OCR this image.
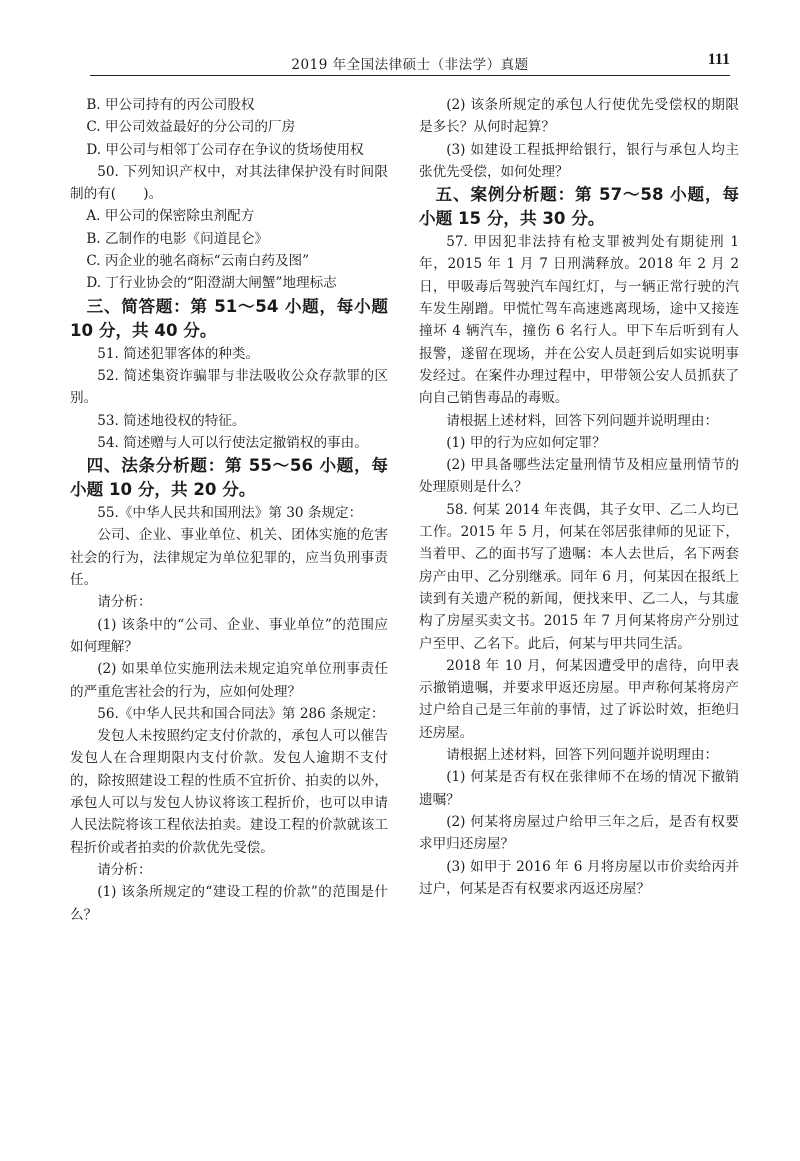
2019 年全国法律硕士（非法学）真题	111

B. 甲公司持有的丙公司股权

C. 甲公司效益最好的分公司的厂房

D. 甲公司与相邻丁公司存在争议的货场使用权

50. 下列知识产权中，对其法律保护没有时间限制的有(　　)。

A. 甲公司的保密除虫剂配方

B. 乙制作的电影《问道昆仑》

C. 丙企业的驰名商标“云南白药及图”

D. 丁行业协会的“阳澄湖大闸蟹”地理标志

三、简答题：第 51～54 小题，每小题 10 分，共 40 分。

51. 简述犯罪客体的种类。

52. 简述集资诈骗罪与非法吸收公众存款罪的区别。

53. 简述地役权的特征。

54. 简述赠与人可以行使法定撤销权的事由。

四、法条分析题：第 55～56 小题，每小题 10 分，共 20 分。

55.《中华人民共和国刑法》第 30 条规定：

公司、企业、事业单位、机关、团体实施的危害社会的行为，法律规定为单位犯罪的，应当负刑事责任。

请分析：

(1) 该条中的“公司、企业、事业单位”的范围应如何理解？

(2) 如果单位实施刑法未规定追究单位刑事责任的严重危害社会的行为，应如何处理？

56.《中华人民共和国合同法》第 286 条规定：

发包人未按照约定支付价款的，承包人可以催告发包人在合理期限内支付价款。发包人逾期不支付的，除按照建设工程的性质不宜折价、拍卖的以外，承包人可以与发包人协议将该工程折价，也可以申请人民法院将该工程依法拍卖。建设工程的价款就该工程折价或者拍卖的价款优先受偿。

请分析：

(1) 该条所规定的“建设工程的价款”的范围是什么？

(2) 该条所规定的承包人行使优先受偿权的期限是多长？从何时起算？

(3) 如建设工程抵押给银行，银行与承包人均主张优先受偿，如何处理？

五、案例分析题：第 57～58 小题，每小题 15 分，共 30 分。

57. 甲因犯非法持有枪支罪被判处有期徒刑 1 年，2015 年 1 月 7 日刑满释放。2018 年 2 月 2 日，甲吸毒后驾驶汽车闯红灯，与一辆正常行驶的汽车发生剐蹭。甲慌忙驾车高速逃离现场，途中又接连撞坏 4 辆汽车，撞伤 6 名行人。甲下车后听到有人报警，遂留在现场，并在公安人员赶到后如实说明事发经过。在案件办理过程中，甲带领公安人员抓获了向自己销售毒品的毒贩。

请根据上述材料，回答下列问题并说明理由：

(1) 甲的行为应如何定罪？

(2) 甲具备哪些法定量刑情节及相应量刑情节的处理原则是什么？

58. 何某 2014 年丧偶，其子女甲、乙二人均已工作。2015 年 5 月，何某在邻居张律师的见证下，当着甲、乙的面书写了遗嘱：本人去世后，名下两套房产由甲、乙分别继承。同年 6 月，何某因在报纸上读到有关遗产税的新闻，便找来甲、乙二人，与其虚构了房屋买卖文书。2015 年 7 月何某将房产分别过户至甲、乙名下。此后，何某与甲共同生活。

2018 年 10 月，何某因遭受甲的虐待，向甲表示撤销遗嘱，并要求甲返还房屋。甲声称何某将房产过户给自己是三年前的事情，过了诉讼时效，拒绝归还房屋。

请根据上述材料，回答下列问题并说明理由：

(1) 何某是否有权在张律师不在场的情况下撤销遗嘱？

(2) 何某将房屋过户给甲三年之后，是否有权要求甲归还房屋？

(3) 如甲于 2016 年 6 月将房屋以市价卖给丙并过户，何某是否有权要求丙返还房屋？
